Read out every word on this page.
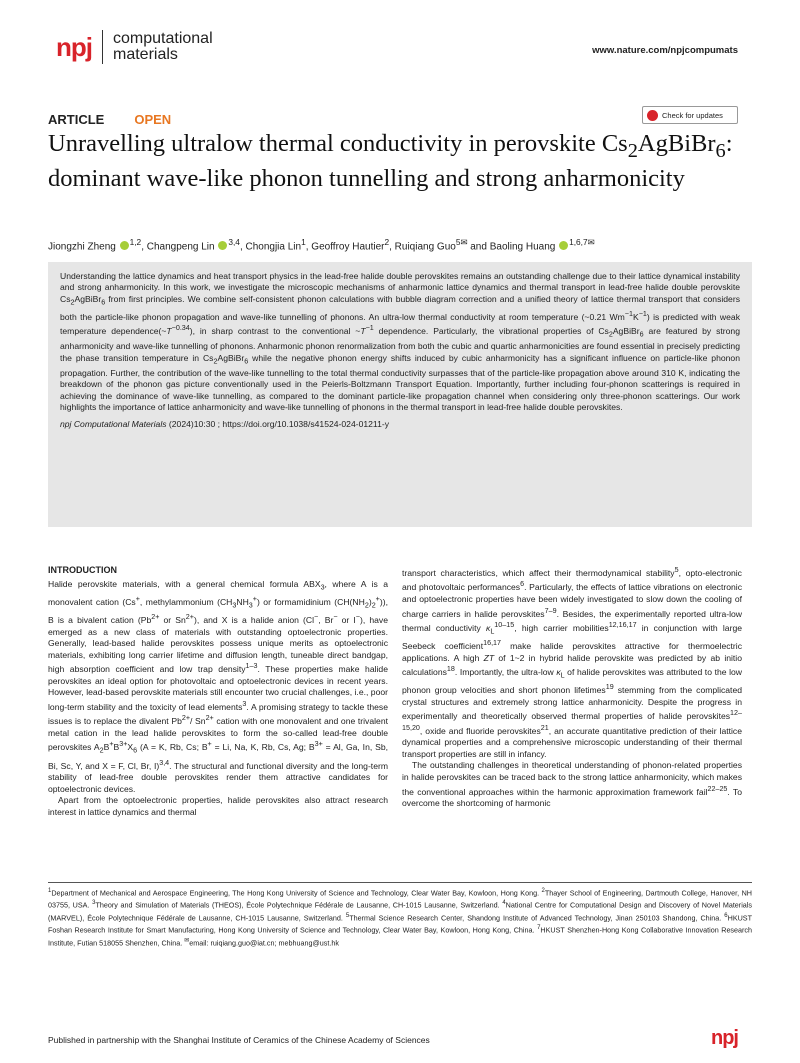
npj computational
materials	www.nature.com/npjcompumats
ARTICLE OPEN	Check for updates
Unravelling ultralow thermal conductivity in perovskite $Cs_2AgBiBr_6$: dominant wave-like phonon tunnelling and strong anharmonicity
Jiongzhi Zheng $^{1,2}$, Changpeng Lin $^{3,4}$, Chongjia Lin$^1$, Geoffroy Hautier$^2$, Ruiqiang Guo$^{5✉}$ and Baoling Huang $^{1,6,7✉}$
Understanding the lattice dynamics and heat transport physics in the lead-free halide double perovskites remains an outstanding challenge due to their lattice dynamical instability and strong anharmonicity. In this work, we investigate the microscopic mechanisms of anharmonic lattice dynamics and thermal transport in lead-free halide double perovskite $Cs_2AgBiBr_6$ from first principles. We combine self-consistent phonon calculations with bubble diagram correction and a unified theory of lattice thermal transport that considers both the particle-like phonon propagation and wave-like tunnelling of phonons. An ultra-low thermal conductivity at room temperature (~0.21 $Wm^{-1}K^{-1}$) is predicted with weak temperature $dependence(\sim T^{-0.34})$, in sharp contrast to the conventional $\sim T^{-1}$ dependence. Particularly, the vibrational properties of $Cs_2AgBiBr_6$ are featured by strong anharmonicity and wave-like tunnelling of phonons. Anharmonic phonon renormalization from both the cubic and quartic anharmonicities are found essential in precisely predicting the phase transition temperature in $Cs_2AgBiBr_6$ while the negative phonon energy shifts induced by cubic anharmonicity has a significant influence on particle-like phonon propagation. Further, the contribution of the wave-like tunnelling to the total thermal conductivity surpasses that of the particle-like propagation above around 310 K, indicating the breakdown of the phonon gas picture conventionally used in the Peierls-Boltzmann Transport Equation. Importantly, further including four-phonon scatterings is required in achieving the dominance of wave-like tunnelling, as compared to the dominant particle-like propagation channel when considering only three-phonon scatterings. Our work highlights the importance of lattice anharmonicity and wave-like tunnelling of phonons in the thermal transport in lead-free halide double perovskites.
npj Computational Materials (2024)10:30 ; https://doi.org/10.1038/s41524-024-01211-y
INTRODUCTION

Halide perovskite materials, with a general chemical formula $ABX_3$, where A is a monovalent cation (Cs+, methylammonium $(CH_3NH_3^+)$ or formamidinium $(CH(NH_2)_2^+)$), B is a bivalent cation ($Pb^{2+}$ or $Sn^{2+}$), and X is a halide anion (Cl−, Br− or I−), have emerged as a new class of materials with outstanding optoelectronic properties. Generally, lead-based halide perovskites possess unique merits as optoelectronic materials, exhibiting long carrier lifetime and diffusion length, tuneable direct bandgap, high absorption coefficient and low trap density$^{1-3}$. These properties make halide perovskites an ideal option for photovoltaic and optoelectronic devices in recent years. However, lead-based perovskite materials still encounter two crucial challenges, i.e., poor long-term stability and the toxicity of lead elements$^3$. A promising strategy to tackle these issues is to replace the divalent $Pb^{2+}/$ $Sn^{2+}$ cation with one monovalent and one trivalent metal cation in the lead halide perovskites to form the so-called lead-free double perovskites $A_2B^+B^{3+}X_6$ (A = K, Rb, Cs; B+ = Li, Na, K, Rb, Cs, Ag; $B^{3+} = Al$, Ga, In, Sb, Bi, Sc, Y, and X = F, Cl, Br, I)$^{3,4}$. The structural and functional diversity and the long-term stability of lead-free double perovskites render them attractive candidates for optoelectronic devices.

Apart from the optoelectronic properties, halide perovskites also attract research interest in lattice dynamics and thermal

transport characteristics, which affect their thermodynamical stability$^5$, opto-electronic and photovoltaic performances$^6$. Particularly, the effects of lattice vibrations on electronic and optoelectronic properties have been widely investigated to slow down the cooling of charge carriers in halide perovskites$^{7-9}$. Besides, the experimentally reported ultra-low thermal conductivity $\kappa_L^{10-15}$, high carrier mobilities$^{12,16,17}$ in conjunction with large Seebeck coefficient$^{16,17}$ make halide perovskites attractive for thermoelectric applications. A high ZT of 1~2 in hybrid halide perovskite was predicted by ab initio calculations$^{18}$. Importantly, the ultra-low $\kappa_L$ of halide perovskites was attributed to the low phonon group velocities and short phonon lifetimes$^{19}$ stemming from the complicated crystal structures and extremely strong lattice anharmonicity. Despite the progress in experimentally and theoretically observed thermal properties of halide perovskites$^{12-15,20}$, oxide and fluoride perovskites$^{21}$, an accurate quantitative prediction of their lattice dynamical properties and a comprehensive microscopic understanding of their thermal transport properties are still in infancy.

The outstanding challenges in theoretical understanding of phonon-related properties in halide perovskites can be traced back to the strong lattice anharmonicity, which makes the conventional approaches within the harmonic approximation framework fail$^{22-25}$. To overcome the shortcoming of harmonic

$^1$Department of Mechanical and Aerospace Engineering, The Hong Kong University of Science and Technology, Clear Water Bay, Kowloon, Hong Kong. $^2$Thayer School of Engineering, Dartmouth College, Hanover, NH 03755, USA. $^3$Theory and Simulation of Materials (THEOS), École Polytechnique Fédérale de Lausanne, CH-1015 Lausanne, Switzerland. $^4$National Centre for Computational Design and Discovery of Novel Materials (MARVEL), École Polytechnique Fédérale de Lausanne, CH-1015 Lausanne, Switzerland. $^5$Thermal Science Research Center, Shandong Institute of Advanced Technology, Jinan 250103 Shandong, China. $^6$HKUST Foshan Research Institute for Smart Manufacturing, Hong Kong University of Science and Technology, Clear Water Bay, Kowloon, Hong Kong, China. $^7$HKUST Shenzhen-Hong Kong Collaborative Innovation Research Institute, Futian 518055 Shenzhen, China. ✉email: ruiqiang.guo@iat.cn; mebhuang@ust.hk
Published in partnership with the Shanghai Institute of Ceramics of the Chinese Academy of Sciences	npj
